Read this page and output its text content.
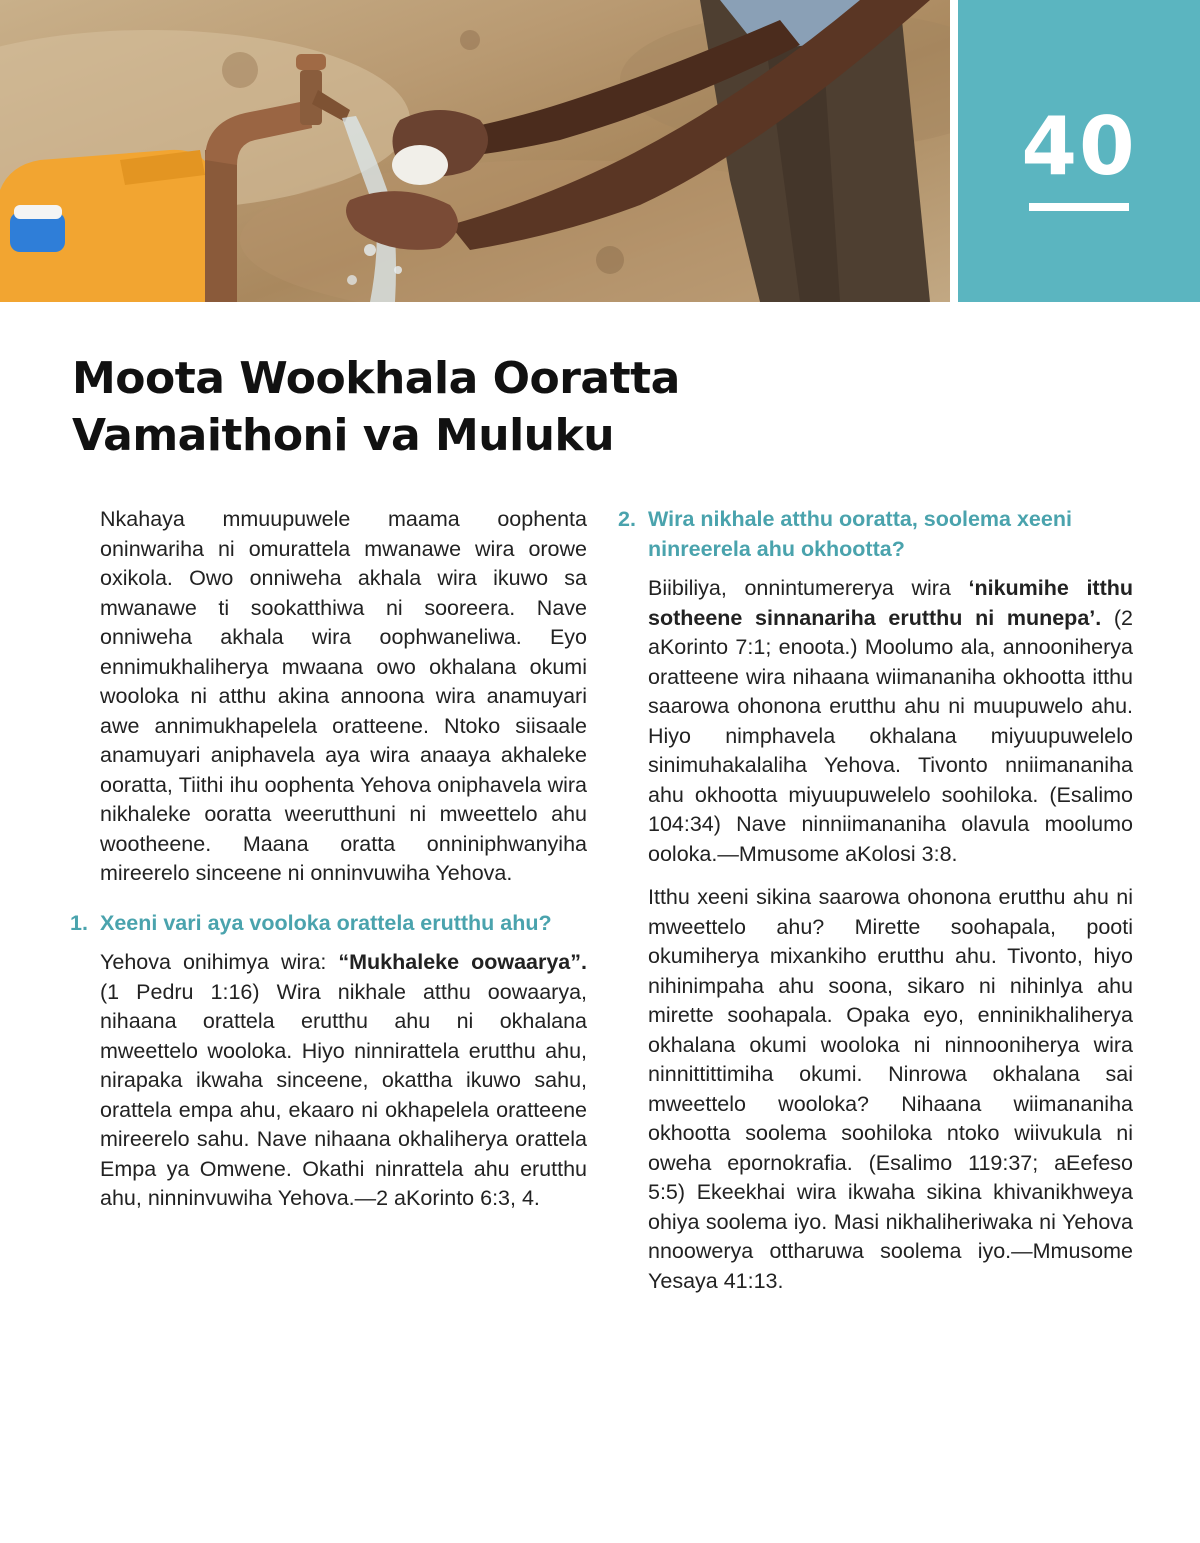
40
Moota Wookhala Ooratta
Vamaithoni va Muluku

Nkahaya mmuupuwele maama oophenta oninwariha ni omurattela mwanawe wira orowe oxikola. Owo onniweha akhala wira ikuwo sa mwanawe ti sookatthiwa ni sooreera. Nave onniweha akhala wira oophwaneliwa. Eyo ennimukhaliherya mwaana owo okhalana okumi wooloka ni atthu akina annoona wira anamuyari awe annimukhapelela oratteene. Ntoko siisaale anamuyari aniphavela aya wira anaaya akhaleke ooratta, Tiithi ihu oophenta Yehova oniphavela wira nikhaleke ooratta weerutthuni ni mweettelo ahu wootheene. Maana oratta onniniphwanyiha mireerelo sinceene ni onninvuwiha Yehova.

1. Xeeni vari aya vooloka orattela erutthu ahu?

Yehova onihimya wira: “Mukhaleke oowaarya”. (1 Pedru 1:16) Wira nikhale atthu oowaarya, nihaana orattela erutthu ahu ni okhalana mweettelo wooloka. Hiyo ninnirattela erutthu ahu, nirapaka ikwaha sinceene, okattha ikuwo sahu, orattela empa ahu, ekaaro ni okhapelela oratteene mireerelo sahu. Nave nihaana okhaliherya orattela Empa ya Omwene. Okathi ninrattela ahu erutthu ahu, ninninvuwiha Yehova.—2 aKorinto 6:3, 4.

2. Wira nikhale atthu ooratta, soolema xeeni ninreerela ahu okhootta?

Biibiliya, onnintumererya wira ‘nikumihe itthu sotheene sinnanariha erutthu ni munepa’. (2 aKorinto 7:1; enoota.) Moolumo ala, annooniherya oratteene wira nihaana wiimananiha okhootta itthu saarowa ohonona erutthu ahu ni muupuwelo ahu. Hiyo nimphavela okhalana miyuupuwelelo sinimuhakalaliha Yehova. Tivonto nniimananiha ahu okhootta miyuupuwelelo soohiloka. (Esalimo 104:34) Nave ninniimananiha olavula moolumo ooloka.—Mmusome aKolosi 3:8.

Itthu xeeni sikina saarowa ohonona erutthu ahu ni mweettelo ahu? Mirette soohapala, pooti okumiherya mixankiho erutthu ahu. Tivonto, hiyo nihinimpaha ahu soona, sikaro ni nihinlya ahu mirette soohapala. Opaka eyo, enninikhaliherya okhalana okumi wooloka ni ninnooniherya wira ninnittittimiha okumi. Ninrowa okhalana sai mweettelo wooloka? Nihaana wiimananiha okhootta soolema soohiloka ntoko wiivukula ni oweha epornokrafia. (Esalimo 119:37; aEefeso 5:5) Ekeekhai wira ikwaha sikina khivanikhweya ohiya soolema iyo. Masi nikhaliheriwaka ni Yehova nnoowerya ottharuwa soolema iyo.—Mmusome Yesaya 41:13.
